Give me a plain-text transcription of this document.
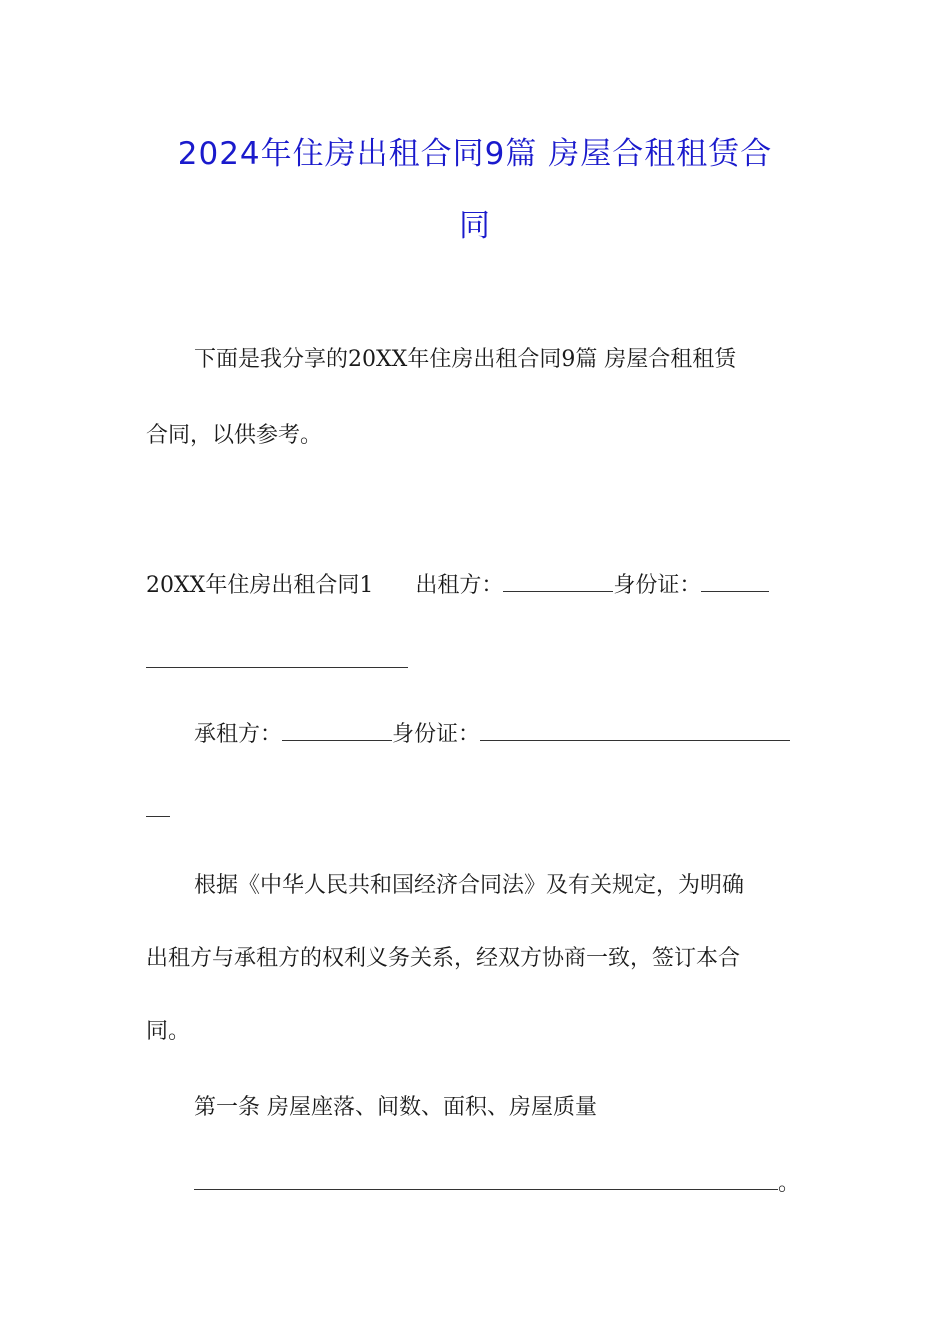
2024年住房出租合同9篇 房屋合租租赁合
同
下面是我分享的20XX年住房出租合同9篇 房屋合租租赁
合同，以供参考。
20XX年住房出租合同1 出租方：	身份证：
承租方：	身份证：
根据《中华人民共和国经济合同法》及有关规定，为明确
出租方与承租方的权利义务关系，经双方协商一致，签订本合
同。
第一条 房屋座落、间数、面积、房屋质量
。
